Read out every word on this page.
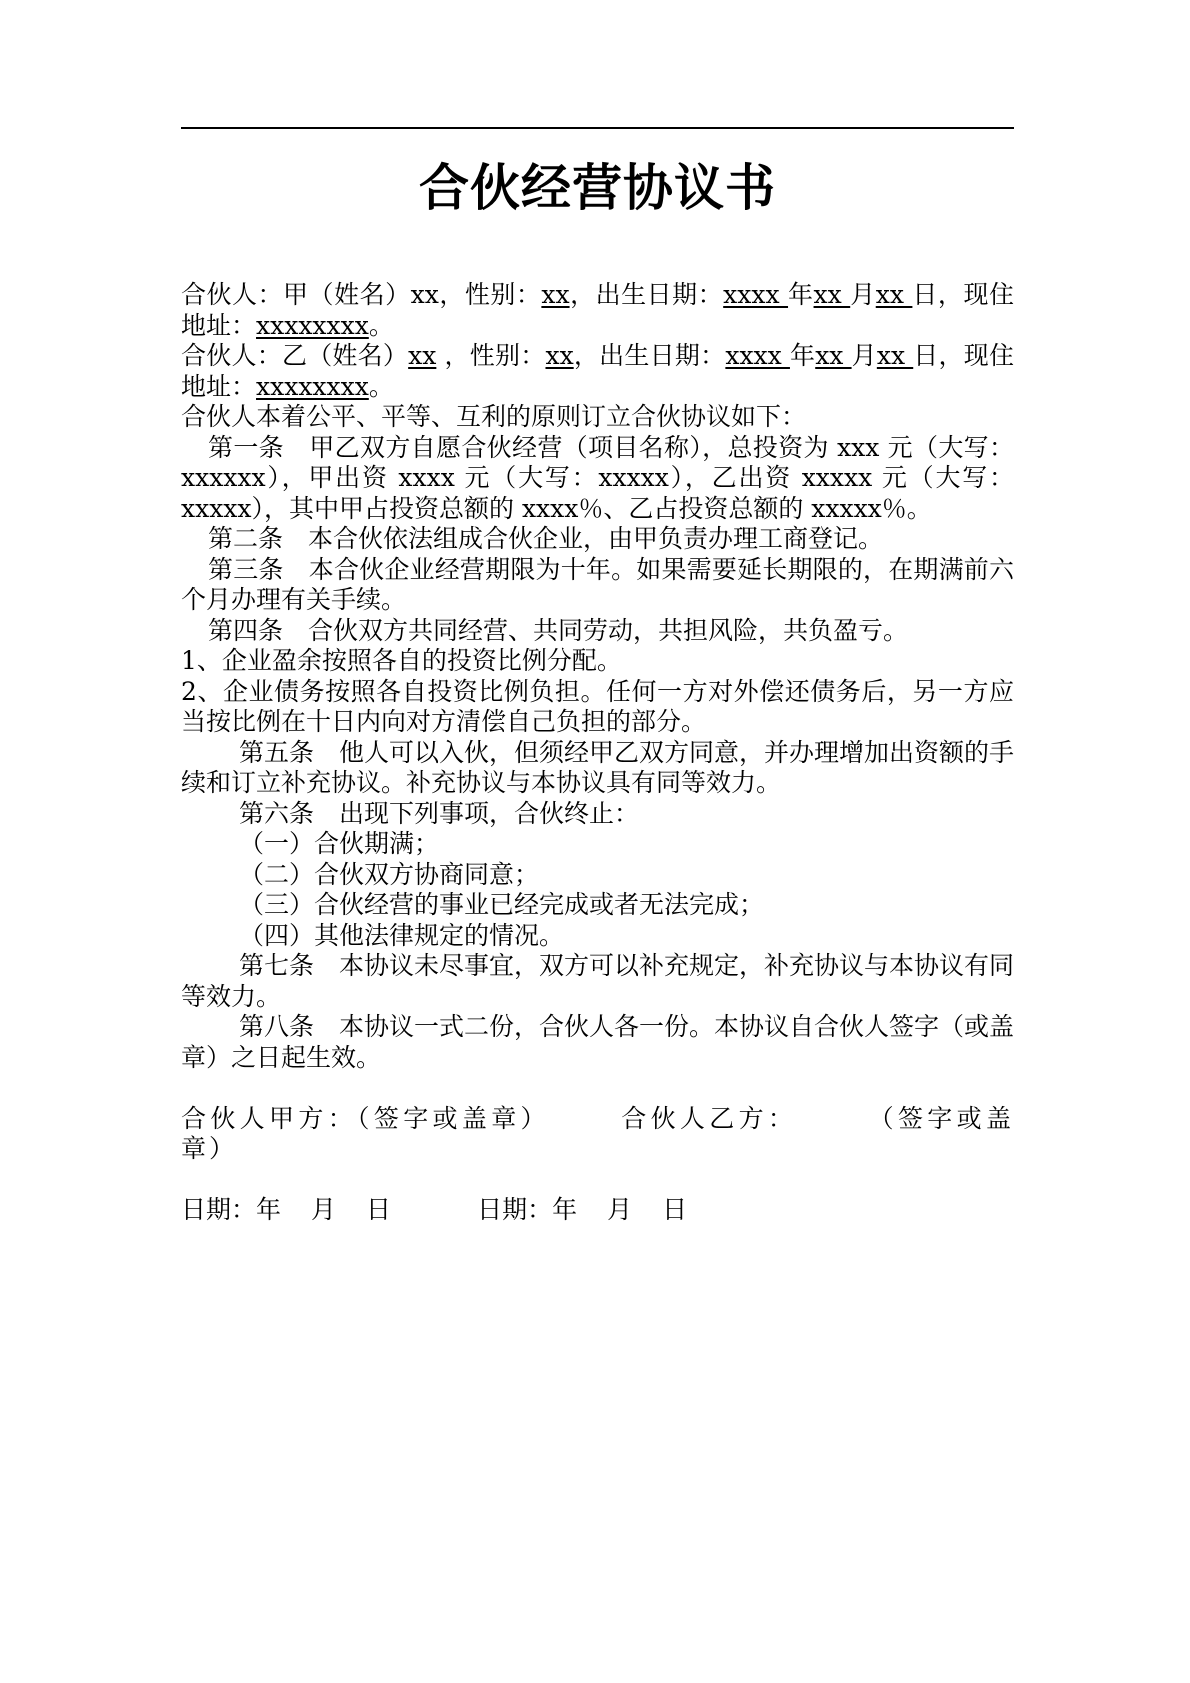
合伙经营协议书

合伙人：甲（姓名）xx，性别：xx，出生日期：xxxx 年xx 月xx 日，现住地址：xxxxxxxx。

合伙人：乙（姓名）xx ，性别：xx，出生日期：xxxx 年xx 月xx 日，现住地址：xxxxxxxx。

合伙人本着公平、平等、互利的原则订立合伙协议如下：

第一条　甲乙双方自愿合伙经营（项目名称），总投资为 xxx 元（大写：xxxxxx），甲出资 xxxx 元（大写：xxxxx），乙出资 xxxxx 元（大写：xxxxx），其中甲占投资总额的 xxxx％、乙占投资总额的 xxxxx％。

第二条　本合伙依法组成合伙企业，由甲负责办理工商登记。

第三条　本合伙企业经营期限为十年。如果需要延长期限的，在期满前六个月办理有关手续。

第四条　合伙双方共同经营、共同劳动，共担风险，共负盈亏。

1、企业盈余按照各自的投资比例分配。

2、企业债务按照各自投资比例负担。任何一方对外偿还债务后，另一方应当按比例在十日内向对方清偿自己负担的部分。

第五条　他人可以入伙，但须经甲乙双方同意，并办理增加出资额的手续和订立补充协议。补充协议与本协议具有同等效力。

第六条　出现下列事项，合伙终止：

（一）合伙期满；

（二）合伙双方协商同意；

（三）合伙经营的事业已经完成或者无法完成；

（四）其他法律规定的情况。

第七条　本协议未尽事宜，双方可以补充规定，补充协议与本协议有同等效力。

第八条　本协议一式二份，合伙人各一份。本协议自合伙人签字（或盖章）之日起生效。

合伙人甲方：（签字或盖章）	合伙人乙方：	（签字或盖章）

日期：年 月 日	日期：年 月 日
